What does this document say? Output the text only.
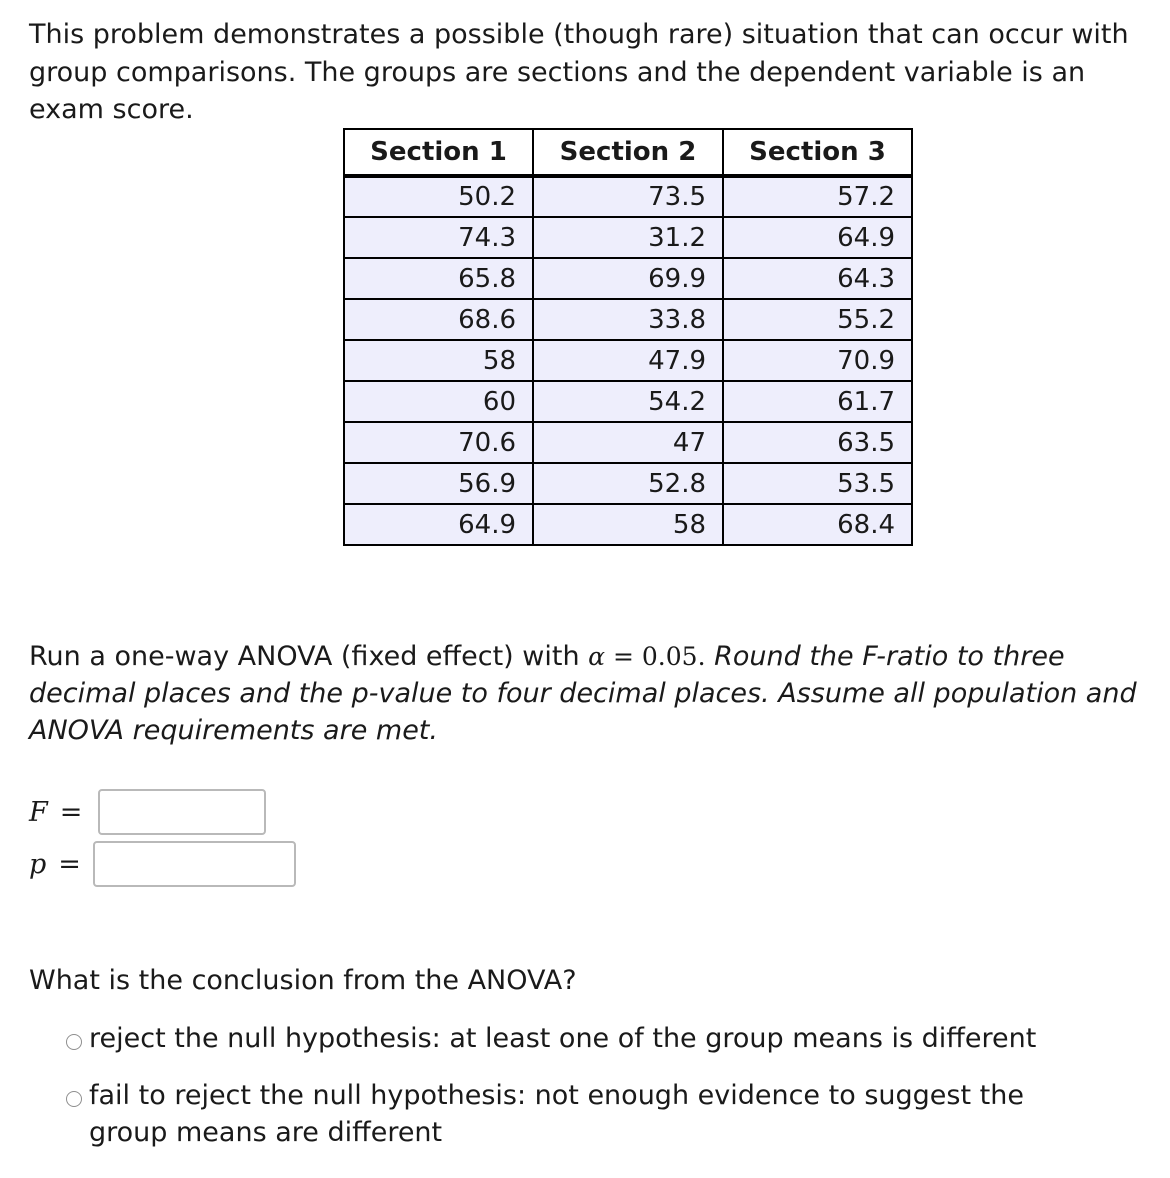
This problem demonstrates a possible (though rare) situation that can occur with group comparisons. The groups are sections and the dependent variable is an exam score.

Section 1	Section 2	Section 3
50.2	73.5	57.2
74.3	31.2	64.9
65.8	69.9	64.3
68.6	33.8	55.2
58	47.9	70.9
60	54.2	61.7
70.6	47	63.5
56.9	52.8	53.5
64.9	58	68.4

Run a one-way ANOVA (fixed effect) with α = 0.05. Round the F-ratio to three decimal places and the p-value to four decimal places. Assume all population and ANOVA requirements are met.

F =
p =

What is the conclusion from the ANOVA?

reject the null hypothesis: at least one of the group means is different
fail to reject the null hypothesis: not enough evidence to suggest the group means are different
